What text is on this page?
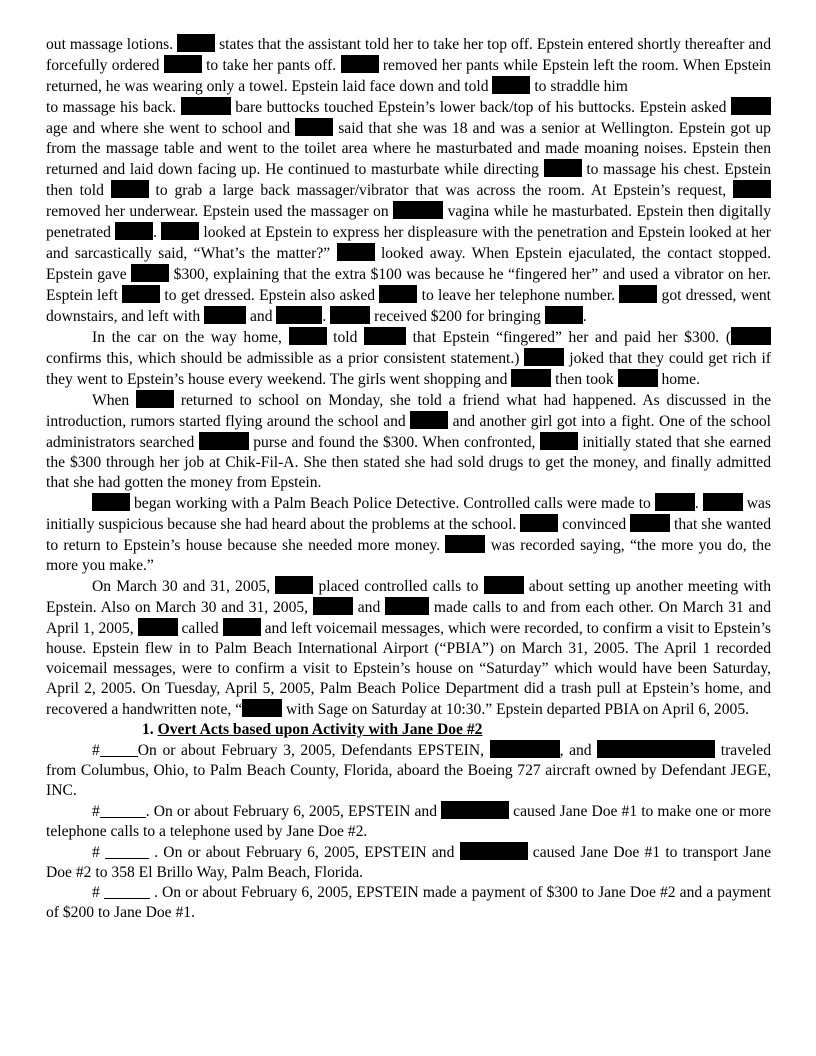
out massage lotions.  states that the assistant told her to take her top off. Epstein entered shortly thereafter and forcefully ordered  to take her pants off.  removed her pants while Epstein left the room. When Epstein returned, he was wearing only a towel. Epstein laid face down and told  to straddle him

to massage his back.	bare buttocks touched Epstein’s lower back/top of his buttocks. Epstein asked  age and where she went to school and  said that she was 18 and was a senior at Wellington. Epstein got up from the massage table and went to the toilet area where he masturbated and made moaning noises. Epstein then returned and laid down facing up. He continued to masturbate while directing  to massage his chest. Epstein then told  to grab a large back massager/vibrator that was across the room. At Epstein’s request,  removed her underwear. Epstein used the massager on	vagina while he masturbated. Epstein then digitally penetrated .  looked at Epstein to express her displeasure with the penetration and Epstein looked at her and sarcastically said, “What’s the matter?”  looked away. When Epstein ejaculated, the contact stopped. Epstein gave  $300, explaining that the extra $100 was because he “fingered her” and used a vibrator on her. Esptein left  to get dressed. Epstein also asked  to leave her telephone number.  got dressed, went downstairs, and left with	and	.	received $200 for bringing .

In the car on the way home,  told	that Epstein “fingered” her and paid her $300. ( confirms this, which should be admissible as a prior consistent statement.)	joked that they could get rich if they went to Epstein’s house every weekend. The girls went shopping and	then took	home.

When  returned to school on Monday, she told a friend what had happened. As discussed in the introduction, rumors started flying around the school and  and another girl got into a fight. One of the school administrators searched	purse and found the $300. When confronted,  initially stated that she earned the $300 through her job at Chik-Fil-A. She then stated she had sold drugs to get the money, and finally admitted that she had gotten the money from Epstein.

began working with a Palm Beach Police Detective. Controlled calls were made to	.	was initially suspicious because she had heard about the problems at the school.  convinced	that she wanted to return to Epstein’s house because she needed more money.	was recorded saying, “the more you do, the more you make.”

On March 30 and 31, 2005,  placed controlled calls to	about setting up another meeting with Epstein. Also on March 30 and 31, 2005,	and	made calls to and from each other. On March 31 and April 1, 2005,	called  and left voicemail messages, which were recorded, to confirm a visit to Epstein’s house. Epstein flew in to Palm Beach International Airport (“PBIA”) on March 31, 2005. The April 1 recorded voicemail messages, were to confirm a visit to Epstein’s house on “Saturday” which would have been Saturday, April 2, 2005. On Tuesday, April 5, 2005, Palm Beach Police Department did a trash pull at Epstein’s home, and recovered a handwritten note, “	with Sage on Saturday at 10:30.” Epstein departed PBIA on April 6, 2005.

1. Overt Acts based upon Activity with Jane Doe #2

# On or about February 3, 2005, Defendants EPSTEIN,	, and	traveled from Columbus, Ohio, to Palm Beach County, Florida, aboard the Boeing 727 aircraft owned by Defendant JEGE, INC.

#	. On or about February 6, 2005, EPSTEIN and	caused Jane Doe #1 to make one or more telephone calls to a telephone used by Jane Doe #2.

#	. On or about February 6, 2005, EPSTEIN and	caused Jane Doe #1 to transport Jane Doe #2 to 358 El Brillo Way, Palm Beach, Florida.

#	. On or about February 6, 2005, EPSTEIN made a payment of $300 to Jane Doe #2 and a payment of $200 to Jane Doe #1.
